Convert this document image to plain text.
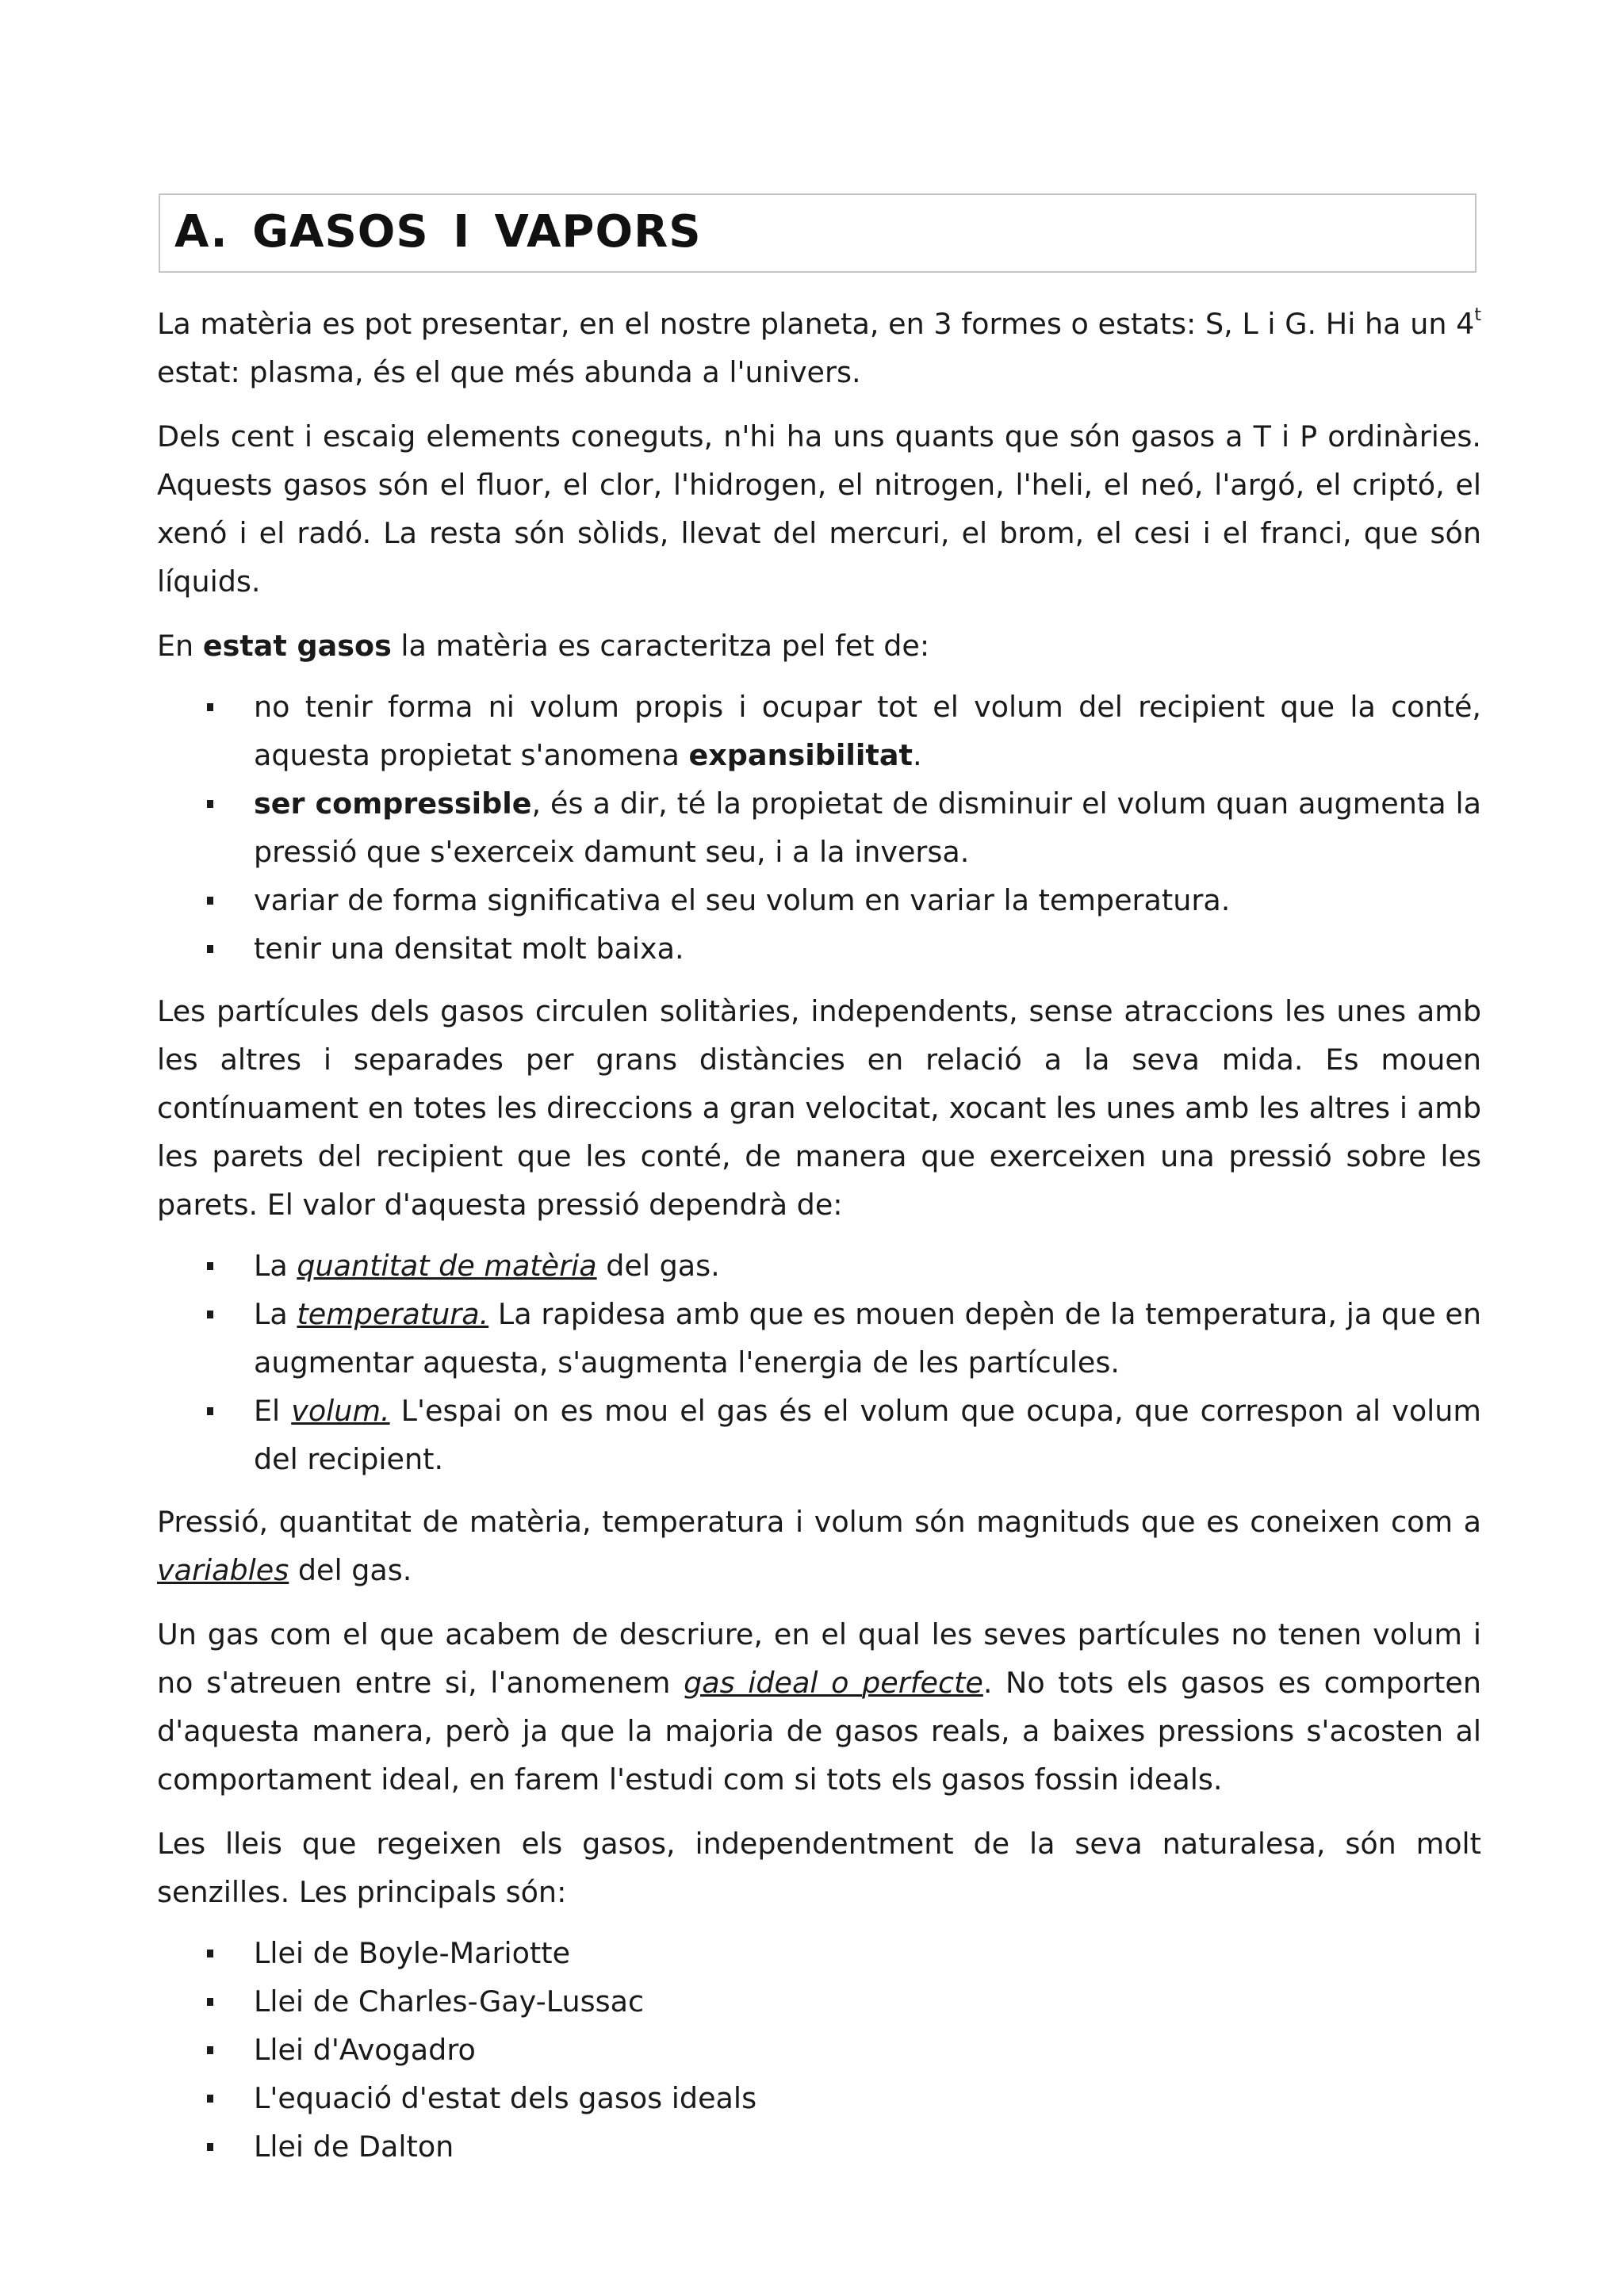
A. GASOS I VAPORS

La matèria es pot presentar, en el nostre planeta, en 3 formes o estats: S, L i G. Hi ha un 4$^t$ estat: plasma, és el que més abunda a l'univers.

Dels cent i escaig elements coneguts, n'hi ha uns quants que són gasos a T i P ordinàries. Aquests gasos són el fluor, el clor, l'hidrogen, el nitrogen, l'heli, el neó, l'argó, el criptó, el xenó i el radó. La resta són sòlids, llevat del mercuri, el brom, el cesi i el franci, que són líquids.

En estat gasos la matèria es caracteritza pel fet de:

no tenir forma ni volum propis i ocupar tot el volum del recipient que la conté, aquesta propietat s'anomena expansibilitat.
ser compressible, és a dir, té la propietat de disminuir el volum quan augmenta la pressió que s'exerceix damunt seu, i a la inversa.
variar de forma significativa el seu volum en variar la temperatura.
tenir una densitat molt baixa.

Les partícules dels gasos circulen solitàries, independents, sense atraccions les unes amb les altres i separades per grans distàncies en relació a la seva mida. Es mouen contínuament en totes les direccions a gran velocitat, xocant les unes amb les altres i amb les parets del recipient que les conté, de manera que exerceixen una pressió sobre les parets. El valor d'aquesta pressió dependrà de:

La quantitat de matèria del gas.
La temperatura. La rapidesa amb que es mouen depèn de la temperatura, ja que en augmentar aquesta, s'augmenta l'energia de les partícules.
El volum. L'espai on es mou el gas és el volum que ocupa, que correspon al volum del recipient.

Pressió, quantitat de matèria, temperatura i volum són magnituds que es coneixen com a variables del gas.

Un gas com el que acabem de descriure, en el qual les seves partícules no tenen volum i no s'atreuen entre si, l'anomenem gas ideal o perfecte. No tots els gasos es comporten d'aquesta manera, però ja que la majoria de gasos reals, a baixes pressions s'acosten al comportament ideal, en farem l'estudi com si tots els gasos fossin ideals.

Les lleis que regeixen els gasos, independentment de la seva naturalesa, són molt senzilles. Les principals són:

Llei de Boyle-Mariotte
Llei de Charles-Gay-Lussac
Llei d'Avogadro
L'equació d'estat dels gasos ideals
Llei de Dalton
